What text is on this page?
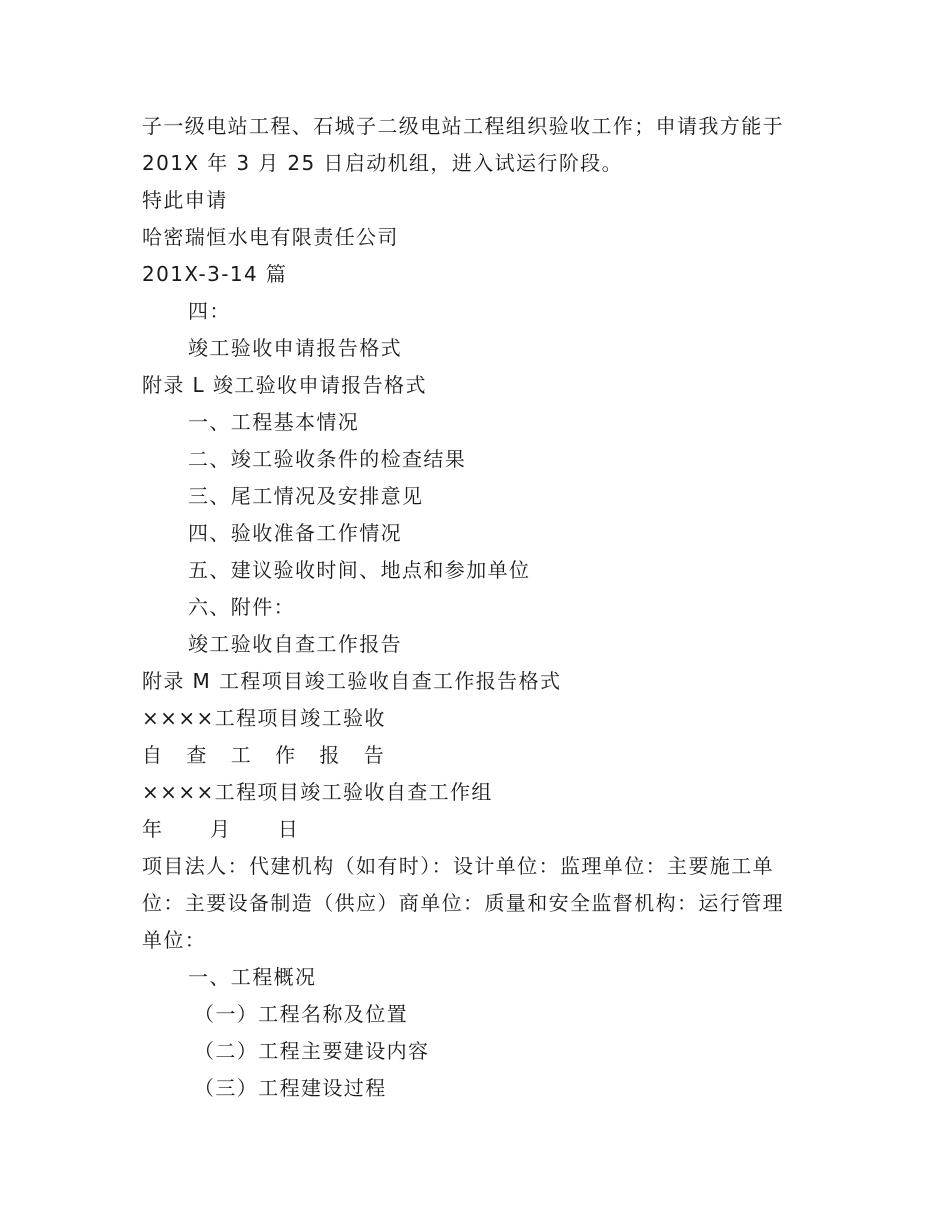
子一级电站工程、石城子二级电站工程组织验收工作；申请我方能于
201X 年 3 月 25 日启动机组，进入试运行阶段。
特此申请
哈密瑞恒水电有限责任公司
201X-3-14 篇
四：
竣工验收申请报告格式
附录 L 竣工验收申请报告格式
一、工程基本情况
二、竣工验收条件的检查结果
三、尾工情况及安排意见
四、验收准备工作情况
五、建议验收时间、地点和参加单位
六、附件：
竣工验收自查工作报告
附录 M 工程项目竣工验收自查工作报告格式
××××工程项目竣工验收
自 查 工 作 报 告
××××工程项目竣工验收自查工作组
年      月      日
项目法人：代建机构（如有时）：设计单位：监理单位：主要施工单
位：主要设备制造（供应）商单位：质量和安全监督机构：运行管理
单位：
一、工程概况
（一）工程名称及位置
（二）工程主要建设内容
（三）工程建设过程
